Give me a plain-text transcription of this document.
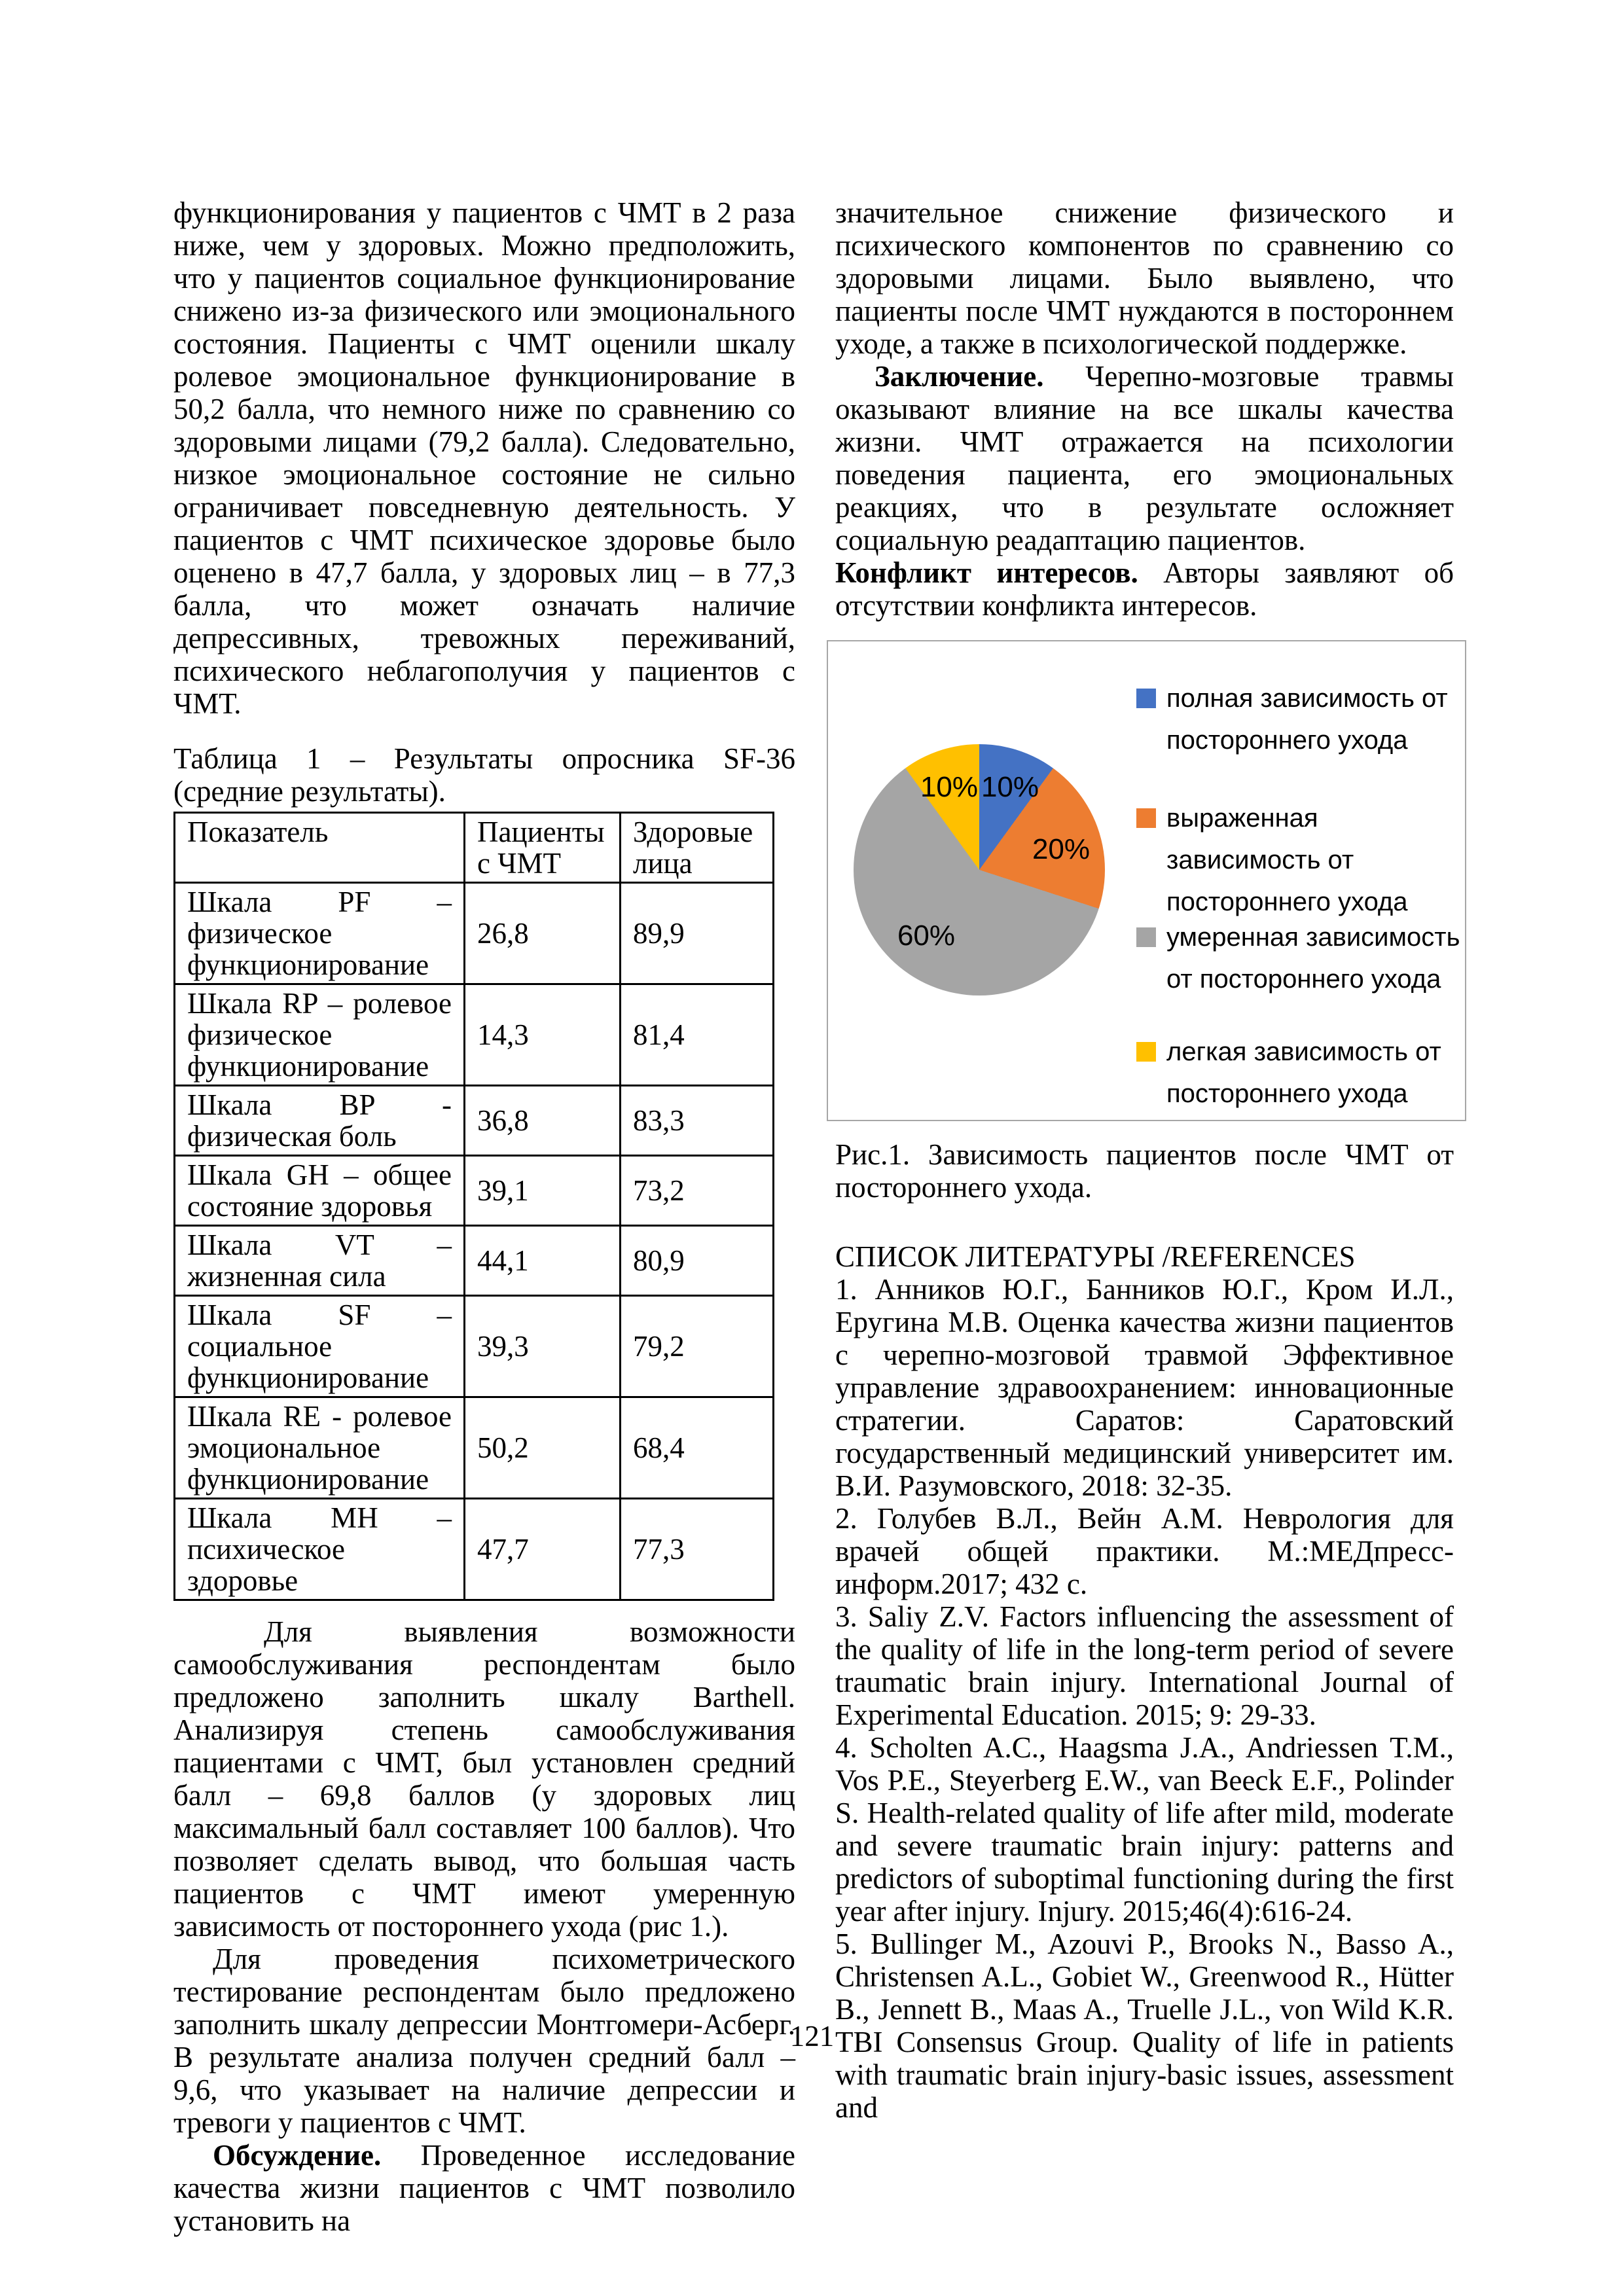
функционирования у пациентов с ЧМТ в 2 раза ниже, чем у здоровых. Можно предположить, что у пациентов социальное функционирование снижено из-за физического или эмоционального состояния. Пациенты с ЧМТ оценили шкалу ролевое эмоциональное функционирование в 50,2 балла, что немного ниже по сравнению со здоровыми лицами (79,2 балла). Следовательно, низкое эмоциональное состояние не сильно ограничивает повседневную деятельность. У пациентов с ЧМТ психическое здоровье было оценено в 47,7 балла, у здоровых лиц – в 77,3 балла, что может означать наличие депрессивных, тревожных переживаний, психического неблагополучия у пациентов с ЧМТ.

Таблица 1 – Результаты опросника SF-36 (средние результаты).

Показатель	Пациенты с ЧМТ	Здоровые лица
Шкала PF – физическое функционирование	26,8	89,9
Шкала RP – ролевое физическое функционирование	14,3	81,4
Шкала BP - физическая боль	36,8	83,3
Шкала GH – общее состояние здоровья	39,1	73,2
Шкала VT – жизненная сила	44,1	80,9
Шкала SF – социальное функционирование	39,3	79,2
Шкала RE - ролевое эмоциональное функционирование	50,2	68,4
Шкала MH – психическое здоровье	47,7	77,3

Для выявления возможности самообслуживания респондентам было предложено заполнить шкалу Barthell. Анализируя степень самообслуживания пациентами с ЧМТ, был установлен средний балл – 69,8 баллов (у здоровых лиц максимальный балл составляет 100 баллов). Что позволяет сделать вывод, что большая часть пациентов с ЧМТ имеют умеренную зависимость от постороннего ухода (рис 1.).

Для проведения психометрического тестирование респондентам было предложено заполнить шкалу депрессии Монтгомери-Асберг. В результате анализа получен средний балл – 9,6, что указывает на наличие депрессии и тревоги у пациентов с ЧМТ.

Обсуждение. Проведенное исследование качества жизни пациентов с ЧМТ позволило установить на

значительное снижение физического и психического компонентов по сравнению со здоровыми лицами. Было выявлено, что пациенты после ЧМТ нуждаются в постороннем уходе, а также в психологической поддержке.

Заключение. Черепно-мозговые травмы оказывают влияние на все шкалы качества жизни. ЧМТ отражается на психологии поведения пациента, его эмоциональных реакциях, что в результате осложняет социальную реадаптацию пациентов.

Конфликт интересов. Авторы заявляют об отсутствии конфликта интересов.

10% 10%
20%
60%
полная зависимость от
постороннего ухода
выраженная
зависимость от
постороннего ухода
умеренная зависимость
от постороннего ухода
легкая зависимость от
постороннего ухода

Рис.1. Зависимость пациентов после ЧМТ от постороннего ухода.

СПИСОК ЛИТЕРАТУРЫ /REFERENCES

1. Анников Ю.Г., Банников Ю.Г., Кром И.Л., Еругина М.В. Оценка качества жизни пациентов с черепно-мозговой травмой Эффективное управление здравоохранением: инновационные стратегии. Саратов: Саратовский государственный медицинский университет им. В.И. Разумовского, 2018: 32-35.

2. Голубев В.Л., Вейн А.М. Неврология для врачей общей практики. М.:МЕДпресс-информ.2017; 432 с.

3. Saliy Z.V. Factors influencing the assessment of the quality of life in the long-term period of severe traumatic brain injury. International Journal of Experimental Education. 2015; 9: 29-33.

4. Scholten A.C., Haagsma J.A., Andriessen T.M., Vos P.E., Steyerberg E.W., van Beeck E.F., Polinder S. Health-related quality of life after mild, moderate and severe traumatic brain injury: patterns and predictors of suboptimal functioning during the first year after injury. Injury. 2015;46(4):616-24.

5. Bullinger M., Azouvi P., Brooks N., Basso A., Christensen A.L., Gobiet W., Greenwood R., Hütter B., Jennett B., Maas A., Truelle J.L., von Wild K.R. TBI Consensus Group. Quality of life in patients with traumatic brain injury-basic issues, assessment and

121
